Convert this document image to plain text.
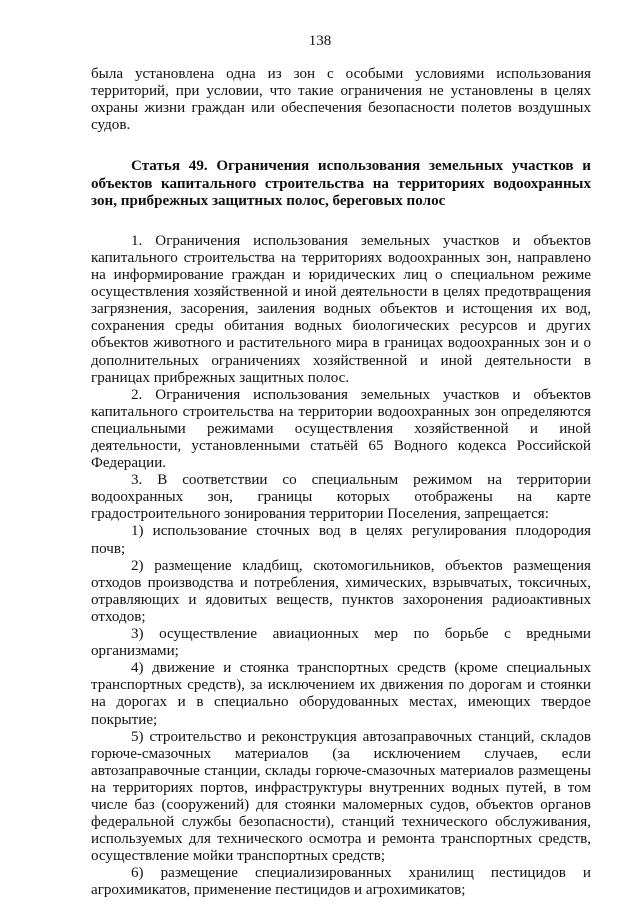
138

была установлена одна из зон с особыми условиями использования территорий, при условии, что такие ограничения не установлены в целях охраны жизни граждан или обеспечения безопасности полетов воздушных судов.

Статья 49. Ограничения использования земельных участков и объектов капитального строительства на территориях водоохранных зон, прибрежных защитных полос, береговых полос

1. Ограничения использования земельных участков и объектов капитального строительства на территориях водоохранных зон, направлено на информирование граждан и юридических лиц о специальном режиме осуществления хозяйственной и иной деятельности в целях предотвращения загрязнения, засорения, заиления водных объектов и истощения их вод, сохранения среды обитания водных биологических ресурсов и других объектов животного и растительного мира в границах водоохранных зон и о дополнительных ограничениях хозяйственной и иной деятельности в границах прибрежных защитных полос.

2. Ограничения использования земельных участков и объектов капитального строительства на территории водоохранных зон определяются специальными режимами осуществления хозяйственной и иной деятельности, установленными статьёй 65 Водного кодекса Российской Федерации.

3. В соответствии со специальным режимом на территории водоохранных зон, границы которых отображены на карте градостроительного зонирования территории Поселения, запрещается:

1) использование сточных вод в целях регулирования плодородия почв;

2) размещение кладбищ, скотомогильников, объектов размещения отходов производства и потребления, химических, взрывчатых, токсичных, отравляющих и ядовитых веществ, пунктов захоронения радиоактивных отходов;

3) осуществление авиационных мер по борьбе с вредными организмами;

4) движение и стоянка транспортных средств (кроме специальных транспортных средств), за исключением их движения по дорогам и стоянки на дорогах и в специально оборудованных местах, имеющих твердое покрытие;

5) строительство и реконструкция автозаправочных станций, складов горюче-смазочных материалов (за исключением случаев, если автозаправочные станции, склады горюче-смазочных материалов размещены на территориях портов, инфраструктуры внутренних водных путей, в том числе баз (сооружений) для стоянки маломерных судов, объектов органов федеральной службы безопасности), станций технического обслуживания, используемых для технического осмотра и ремонта транспортных средств, осуществление мойки транспортных средств;

6) размещение специализированных хранилищ пестицидов и агрохимикатов, применение пестицидов и агрохимикатов;
